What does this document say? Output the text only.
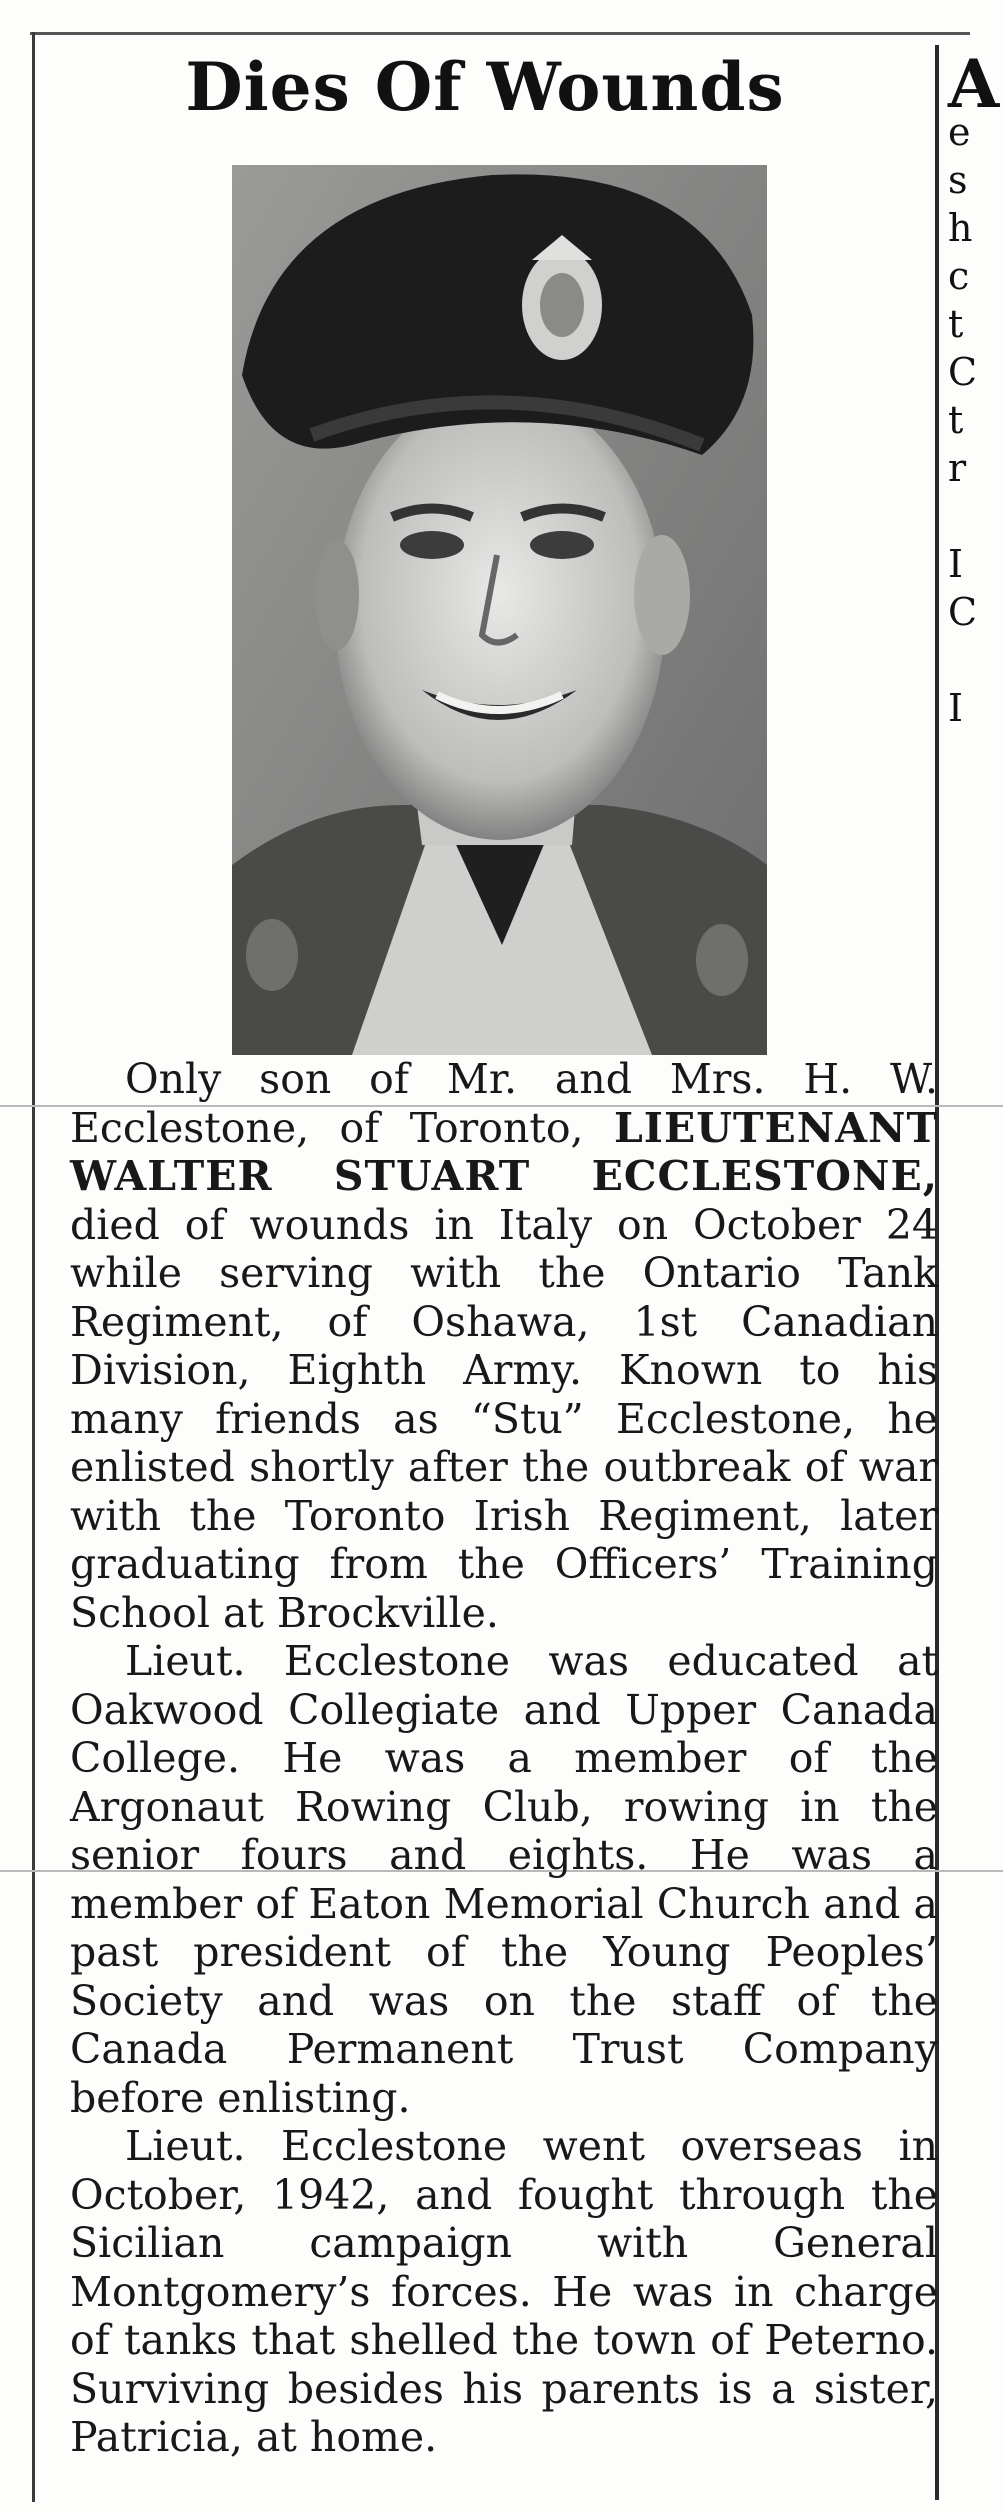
Dies Of Wounds

Only son of Mr. and Mrs. H. W. Ecclestone, of Toronto, LIEUTENANT WALTER STUART ECCLESTONE, died of wounds in Italy on October 24 while serving with the Ontario Tank Regiment, of Oshawa, 1st Canadian Division, Eighth Army. Known to his many friends as “Stu” Ecclestone, he enlisted shortly after the outbreak of war with the Toronto Irish Regiment, later graduating from the Officers’ Training School at Brockville.

Lieut. Ecclestone was educated at Oakwood Collegiate and Upper Canada College. He was a member of the Argonaut Rowing Club, rowing in the senior fours and eights. He was a member of Eaton Memorial Church and a past president of the Young Peoples’ Society and was on the staff of the Canada Permanent Trust Company before enlisting.

Lieut. Ecclestone went overseas in October, 1942, and fought through the Sicilian campaign with General Montgomery’s forces. He was in charge of tanks that shelled the town of Peterno. Surviving besides his parents is a sister, Patricia, at home.

A
e
s
h
c
t
C
t
r

I
C

I
